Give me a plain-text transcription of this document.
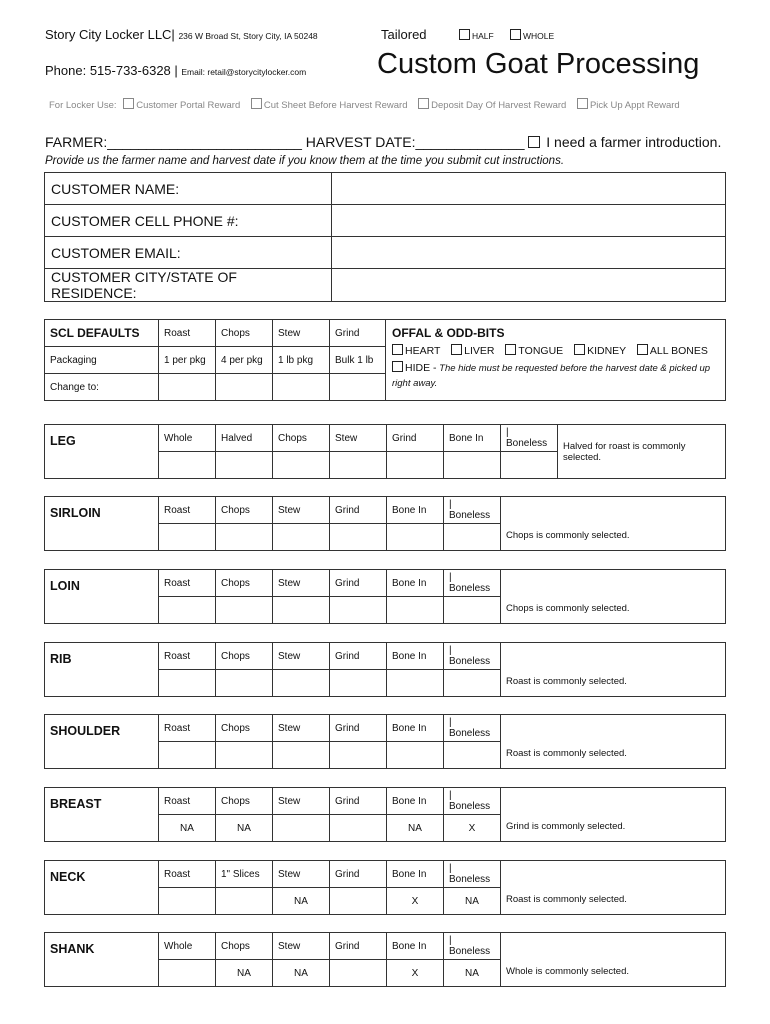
Story City Locker LLC| 236 W Broad St, Story City, IA 50248	Tailored	HALF	WHOLE
Phone: 515-733-6328 | Email: retail@storycitylocker.com Custom Goat Processing
For Locker Use: Customer Portal Reward Cut Sheet Before Harvest Reward Deposit Day Of Harvest Reward Pick Up Appt Reward
FARMER:_________________________ HARVEST DATE:______________ I need a farmer introduction.
Provide us the farmer name and harvest date if you know them at the time you submit cut instructions.
CUSTOMER NAME:	
CUSTOMER CELL PHONE #:	
CUSTOMER EMAIL:	
CUSTOMER CITY/STATE OF RESIDENCE:	
SCL DEFAULTS	Roast	Chops	Stew	Grind	OFFAL & ODD-BITS
HEART LIVER TONGUE KIDNEY ALL BONES
HIDE - The hide must be requested before the harvest date & picked up right away.

Packaging	1 per pkg	4 per pkg	1 lb pkg	Bulk 1 lb	
Change to:					
LEG	Whole	Halved	Chops	Stew	Grind	Bone In	| Boneless	Halved for roast is commonly selected.

SIRLOIN	Roast	Chops	Stew	Grind	Bone In	| Boneless	Chops is commonly selected.

LOIN	Roast	Chops	Stew	Grind	Bone In	| Boneless	Chops is commonly selected.

RIB	Roast	Chops	Stew	Grind	Bone In	| Boneless	Roast is commonly selected.

SHOULDER	Roast	Chops	Stew	Grind	Bone In	| Boneless	Roast is commonly selected.

BREAST	Roast	Chops	Stew	Grind	Bone In	| Boneless	Grind is commonly selected.
	NA	NA			NA	X	
NECK	Roast	1" Slices	Stew	Grind	Bone In	| Boneless	Roast is commonly selected.
			NA		X	NA	
SHANK	Whole	Chops	Stew	Grind	Bone In	| Boneless	Whole is commonly selected.
		NA	NA		X	NA	
